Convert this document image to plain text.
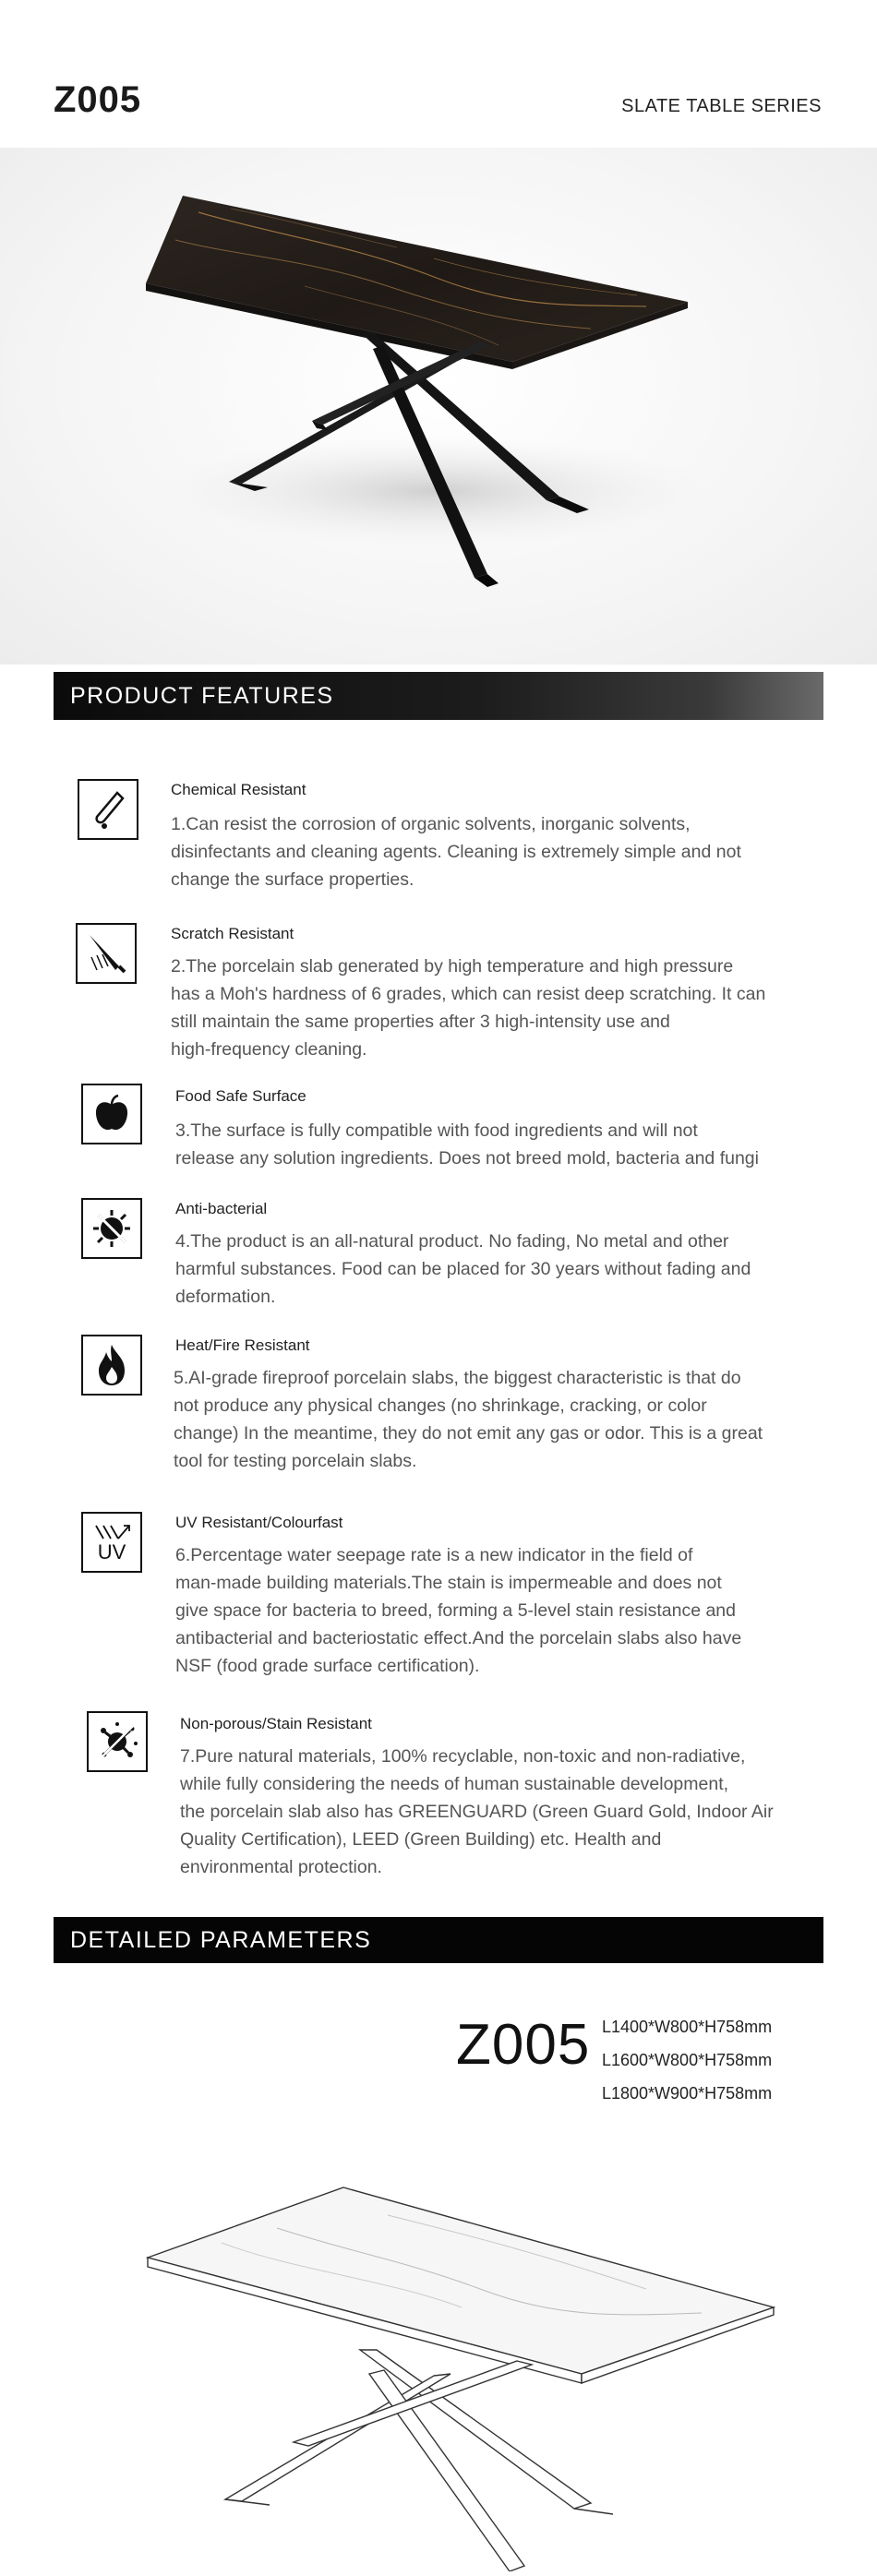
Z005	SLATE TABLE SERIES
PRODUCT FEATURES
Chemical Resistant
1.Can resist the corrosion of organic solvents, inorganic solvents,
disinfectants and cleaning agents. Cleaning is extremely simple and not
change the surface properties.
Scratch Resistant
2.The porcelain slab generated by high temperature and high pressure
has a Moh's hardness of 6 grades, which can resist deep scratching. It can
still maintain the same properties after 3 high-intensity use and
high-frequency cleaning.
Food Safe Surface
3.The surface is fully compatible with food ingredients and will not
release any solution ingredients. Does not breed mold, bacteria and fungi
Anti-bacterial
4.The product is an all-natural product. No fading, No metal and other
harmful substances. Food can be placed for 30 years without fading and
deformation.
Heat/Fire Resistant
5.AI-grade fireproof porcelain slabs, the biggest characteristic is that do
not produce any physical changes (no shrinkage, cracking, or color
change) In the meantime, they do not emit any gas or odor. This is a great
tool for testing porcelain slabs.
UV
UV Resistant/Colourfast
6.Percentage water seepage rate is a new indicator in the field of
man-made building materials.The stain is impermeable and does not
give space for bacteria to breed, forming a 5-level stain resistance and
antibacterial and bacteriostatic effect.And the porcelain slabs also have
NSF (food grade surface certification).
Non-porous/Stain Resistant
7.Pure natural materials, 100% recyclable, non-toxic and non-radiative,
while fully considering the needs of human sustainable development,
the porcelain slab also has GREENGUARD (Green Guard Gold, Indoor Air
Quality Certification), LEED (Green Building) etc. Health and
environmental protection.
DETAILED PARAMETERS
Z005 L1400*W800*H758mm
L1600*W800*H758mm
L1800*W900*H758mm
